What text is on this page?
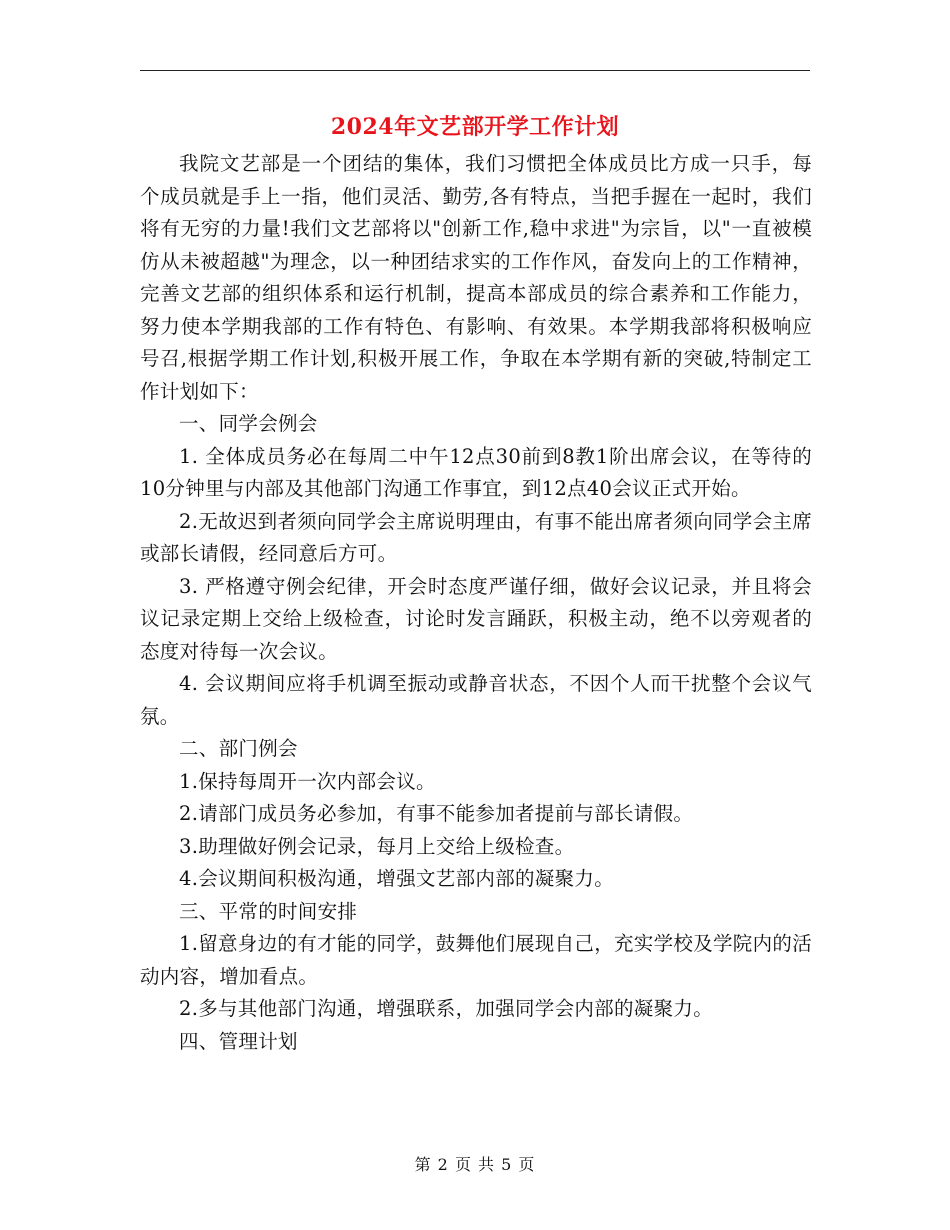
2024年文艺部开学工作计划

我院文艺部是一个团结的集体，我们习惯把全体成员比方成一只手，每个成员就是手上一指，他们灵活、勤劳,各有特点，当把手握在一起时，我们将有无穷的力量!我们文艺部将以"创新工作,稳中求进"为宗旨，以"一直被模仿从未被超越"为理念，以一种团结求实的工作作风，奋发向上的工作精神，完善文艺部的组织体系和运行机制，提高本部成员的综合素养和工作能力，努力使本学期我部的工作有特色、有影响、有效果。本学期我部将积极响应号召,根据学期工作计划,积极开展工作，争取在本学期有新的突破,特制定工作计划如下：

一、同学会例会

1. 全体成员务必在每周二中午12点30前到8教1阶出席会议，在等待的10分钟里与内部及其他部门沟通工作事宜，到12点40会议正式开始。

2.无故迟到者须向同学会主席说明理由，有事不能出席者须向同学会主席或部长请假，经同意后方可。

3. 严格遵守例会纪律，开会时态度严谨仔细，做好会议记录，并且将会议记录定期上交给上级检查，讨论时发言踊跃，积极主动，绝不以旁观者的态度对待每一次会议。

4. 会议期间应将手机调至振动或静音状态，不因个人而干扰整个会议气氛。

二、部门例会

1.保持每周开一次内部会议。

2.请部门成员务必参加，有事不能参加者提前与部长请假。

3.助理做好例会记录，每月上交给上级检查。

4.会议期间积极沟通，增强文艺部内部的凝聚力。

三、平常的时间安排

1.留意身边的有才能的同学，鼓舞他们展现自己，充实学校及学院内的活动内容，增加看点。

2.多与其他部门沟通，增强联系，加强同学会内部的凝聚力。

四、管理计划

第 2 页 共 5 页
